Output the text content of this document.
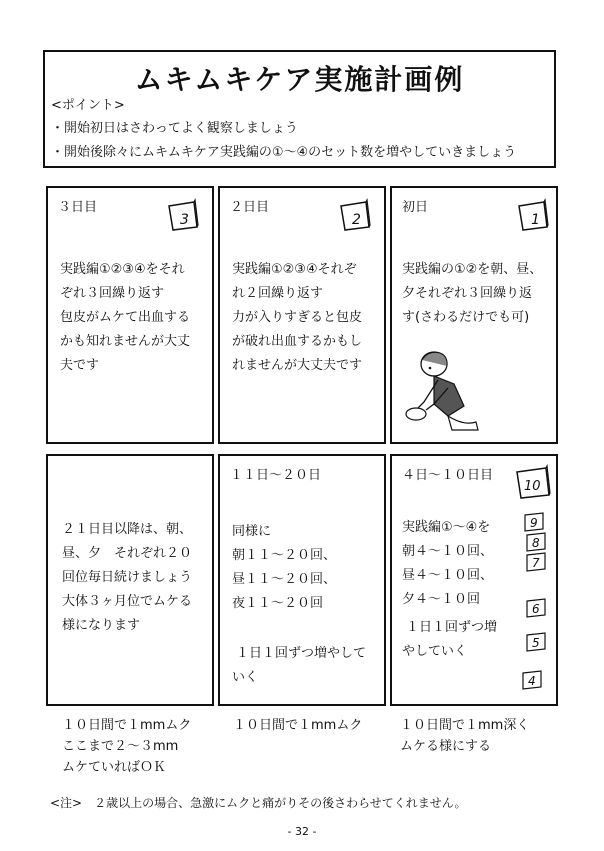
ムキムキケア実施計画例
<ポイント>
・開始初日はさわってよく観察しましょう
・開始後除々にムキムキケア実践編の①～④のセット数を増やしていきましょう
３日目
3
実践編①②③④をそれ
ぞれ３回繰り返す
包皮がムケて出血する
かも知れませんが大丈
夫です
２日目
2
実践編①②③④それぞ
れ２回繰り返す
力が入りすぎると包皮
が破れ出血するかもし
れませんが大丈夫です
初日
1
実践編の①②を朝、昼、
夕それぞれ３回繰り返
す(さわるだけでも可)
２１日目以降は、朝、
昼、夕　それぞれ２０
回位毎日続けましょう
大体３ヶ月位でムケる
様になります
１１日～２０日
同様に
朝１１～２０回、
昼１１～２０回、
夜１１～２０回
１日１回ずつ増やして
いく
４日～１０日目
10
実践編①～④を
朝４～１０回、
昼４～１０回、
夕４～１０回
１日１回ずつ増
やしていく
9
8
7
6
5
4
１０日間で１mmムク
ここまで２～３mm
ムケていればＯＫ
１０日間で１mmムク	１０日間で１mm深く
ムケる様にする
<注>　２歳以上の場合、急激にムクと痛がりその後さわらせてくれません。
- 32 -
